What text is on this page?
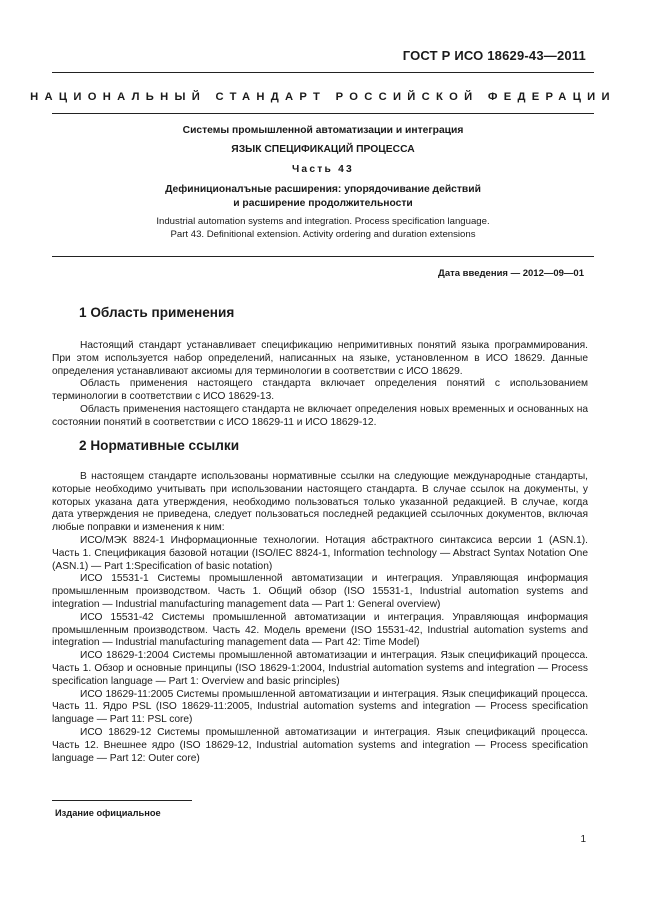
ГОСТ Р ИСО 18629-43—2011
НАЦИОНАЛЬНЫЙ СТАНДАРТ РОССИЙСКОЙ ФЕДЕРАЦИИ
Системы промышленной автоматизации и интеграция
ЯЗЫК СПЕЦИФИКАЦИЙ ПРОЦЕССА
Часть 43
Дефиниционалъные расширения: упорядочивание действий
и расширение продолжительности
Industrial automation systems and integration. Process specification language.
Part 43. Definitional extension. Activity ordering and duration extensions
Дата введения — 2012—09—01
1 Область применения

Настоящий стандарт устанавливает спецификацию непримитивных понятий языка программирования. При этом используется набор определений, написанных на языке, установленном в ИСО 18629. Данные определения устанавливают аксиомы для терминологии в соответствии с ИСО 18629.

Область применения настоящего стандарта включает определения понятий с использованием терминологии в соответствии с ИСО 18629-13.

Область применения настоящего стандарта не включает определения новых временных и основанных на состоянии понятий в соответствии с ИСО 18629-11 и ИСО 18629-12.

2 Нормативные ссылки

В настоящем стандарте использованы нормативные ссылки на следующие международные стандарты, которые необходимо учитывать при использовании настоящего стандарта. В случае ссылок на документы, у которых указана дата утверждения, необходимо пользоваться только указанной редакцией. В случае, когда дата утверждения не приведена, следует пользоваться последней редакцией ссылочных документов, включая любые поправки и изменения к ним:

ИСО/МЭК 8824-1 Информационные технологии. Нотация абстрактного синтаксиса версии 1 (ASN.1). Часть 1. Спецификация базовой нотации (ISO/IEC 8824-1, Information technology — Abstract Syntax Notation One (ASN.1) — Part 1:Specification of basic notation)

ИСО 15531-1 Системы промышленной автоматизации и интеграция. Управляющая информация промышленным производством. Часть 1. Общий обзор (ISO 15531-1, Industrial automation systems and integration — Industrial manufacturing management data — Part 1: General overview)

ИСО 15531-42 Системы промышленной автоматизации и интеграция. Управляющая информация промышленным производством. Часть 42. Модель времени (ISO 15531-42, Industrial automation systems and integration — Industrial manufacturing management data — Part 42: Time Model)

ИСО 18629-1:2004 Системы промышленной автоматизации и интеграция. Язык спецификаций процесса. Часть 1. Обзор и основные принципы (ISO 18629-1:2004, Industrial automation systems and integration — Process specification language — Part 1: Overview and basic principles)

ИСО 18629-11:2005 Системы промышленной автоматизации и интеграция. Язык спецификаций процесса. Часть 11. Ядро PSL (ISO 18629-11:2005, Industrial automation systems and integration — Process specification language — Part 11: PSL core)

ИСО 18629-12 Системы промышленной автоматизации и интеграция. Язык спецификаций процесса. Часть 12. Внешнее ядро (ISO 18629-12, Industrial automation systems and integration — Process specification language — Part 12: Outer core)

Издание официальное
1
